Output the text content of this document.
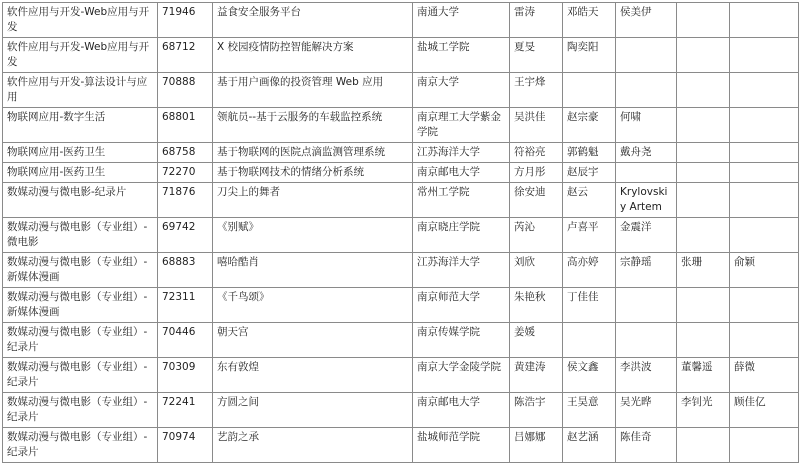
软件应用与开发-Web应用与开发	71946	益食安全服务平台	南通大学	雷涛	邓皓天	侯美伊		
软件应用与开发-Web应用与开发	68712	X 校园疫情防控智能解决方案	盐城工学院	夏旻	陶奕阳			
软件应用与开发-算法设计与应用	70888	基于用户画像的投资管理 Web 应用	南京大学	王宇烽				
物联网应用-数字生活	68801	领航员--基于云服务的车载监控系统	南京理工大学紫金学院	吴洪佳	赵宗豪	何啸		
物联网应用-医药卫生	68758	基于物联网的医院点滴监测管理系统	江苏海洋大学	符裕亮	郭鹤魁	戴舟尧		
物联网应用-医药卫生	72270	基于物联网技术的情绪分析系统	南京邮电大学	方月彤	赵辰宇			
数媒动漫与微电影-纪录片	71876	刀尖上的舞者	常州工学院	徐安迪	赵云	Krylovskiy Artem		
数媒动漫与微电影（专业组）-微电影	69742	《别赋》	南京晓庄学院	芮沁	卢喜平	金震洋		
数媒动漫与微电影（专业组）-新媒体漫画	68883	嘻哈酷肖	江苏海洋大学	刘欣	高亦婷	宗静瑶	张珊	俞颖
数媒动漫与微电影（专业组）-新媒体漫画	72311	《千鸟颂》	南京师范大学	朱艳秋	丁佳佳			
数媒动漫与微电影（专业组）-纪录片	70446	朝天宫	南京传媒学院	姜媛				
数媒动漫与微电影（专业组）-纪录片	70309	东有敦煌	南京大学金陵学院	黄建涛	侯文鑫	李洪波	董馨遥	薛微
数媒动漫与微电影（专业组）-纪录片	72241	方圆之间	南京邮电大学	陈浩宇	王昊意	吴光晔	李钊光	顾佳亿
数媒动漫与微电影（专业组）-纪录片	70974	艺韵之承	盐城师范学院	吕娜娜	赵艺涵	陈佳奇		
